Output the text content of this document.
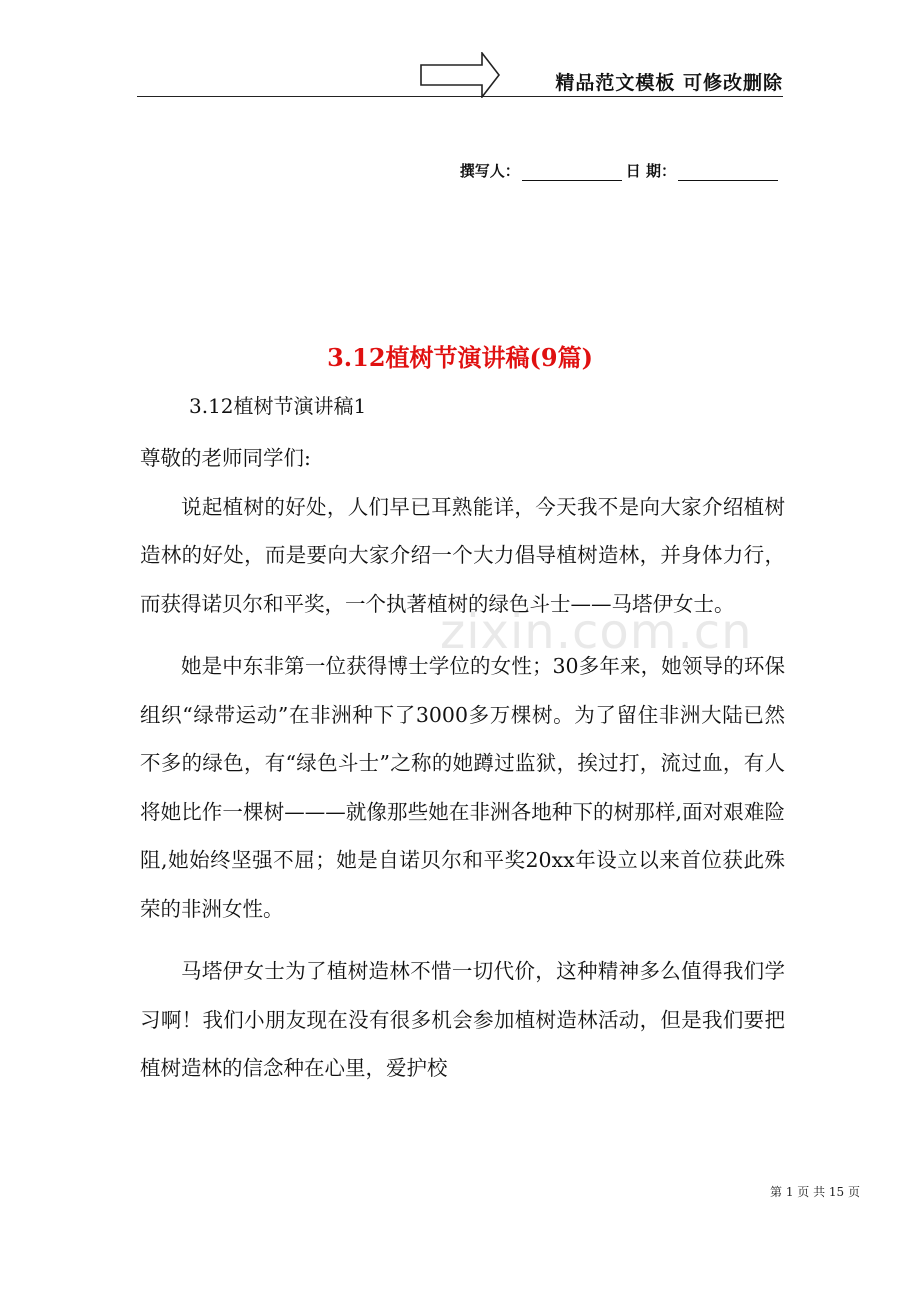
精品范文模板 可修改删除
撰写人：	日 期：
3.12植树节演讲稿(9篇)
3.12植树节演讲稿1

尊敬的老师同学们:

说起植树的好处，人们早已耳熟能详，今天我不是向大家介绍植树造林的好处，而是要向大家介绍一个大力倡导植树造林，并身体力行，而获得诺贝尔和平奖，一个执著植树的绿色斗士——马塔伊女士。

她是中东非第一位获得博士学位的女性；30多年来，她领导的环保组织“绿带运动”在非洲种下了3000多万棵树。为了留住非洲大陆已然不多的绿色，有“绿色斗士”之称的她蹲过监狱，挨过打，流过血，有人将她比作一棵树———就像那些她在非洲各地种下的树那样,面对艰难险阻,她始终坚强不屈；她是自诺贝尔和平奖20xx年设立以来首位获此殊荣的非洲女性。

马塔伊女士为了植树造林不惜一切代价，这种精神多么值得我们学习啊！我们小朋友现在没有很多机会参加植树造林活动，但是我们要把植树造林的信念种在心里，爱护校

zixin.com.cn
第 1 页 共 15 页
